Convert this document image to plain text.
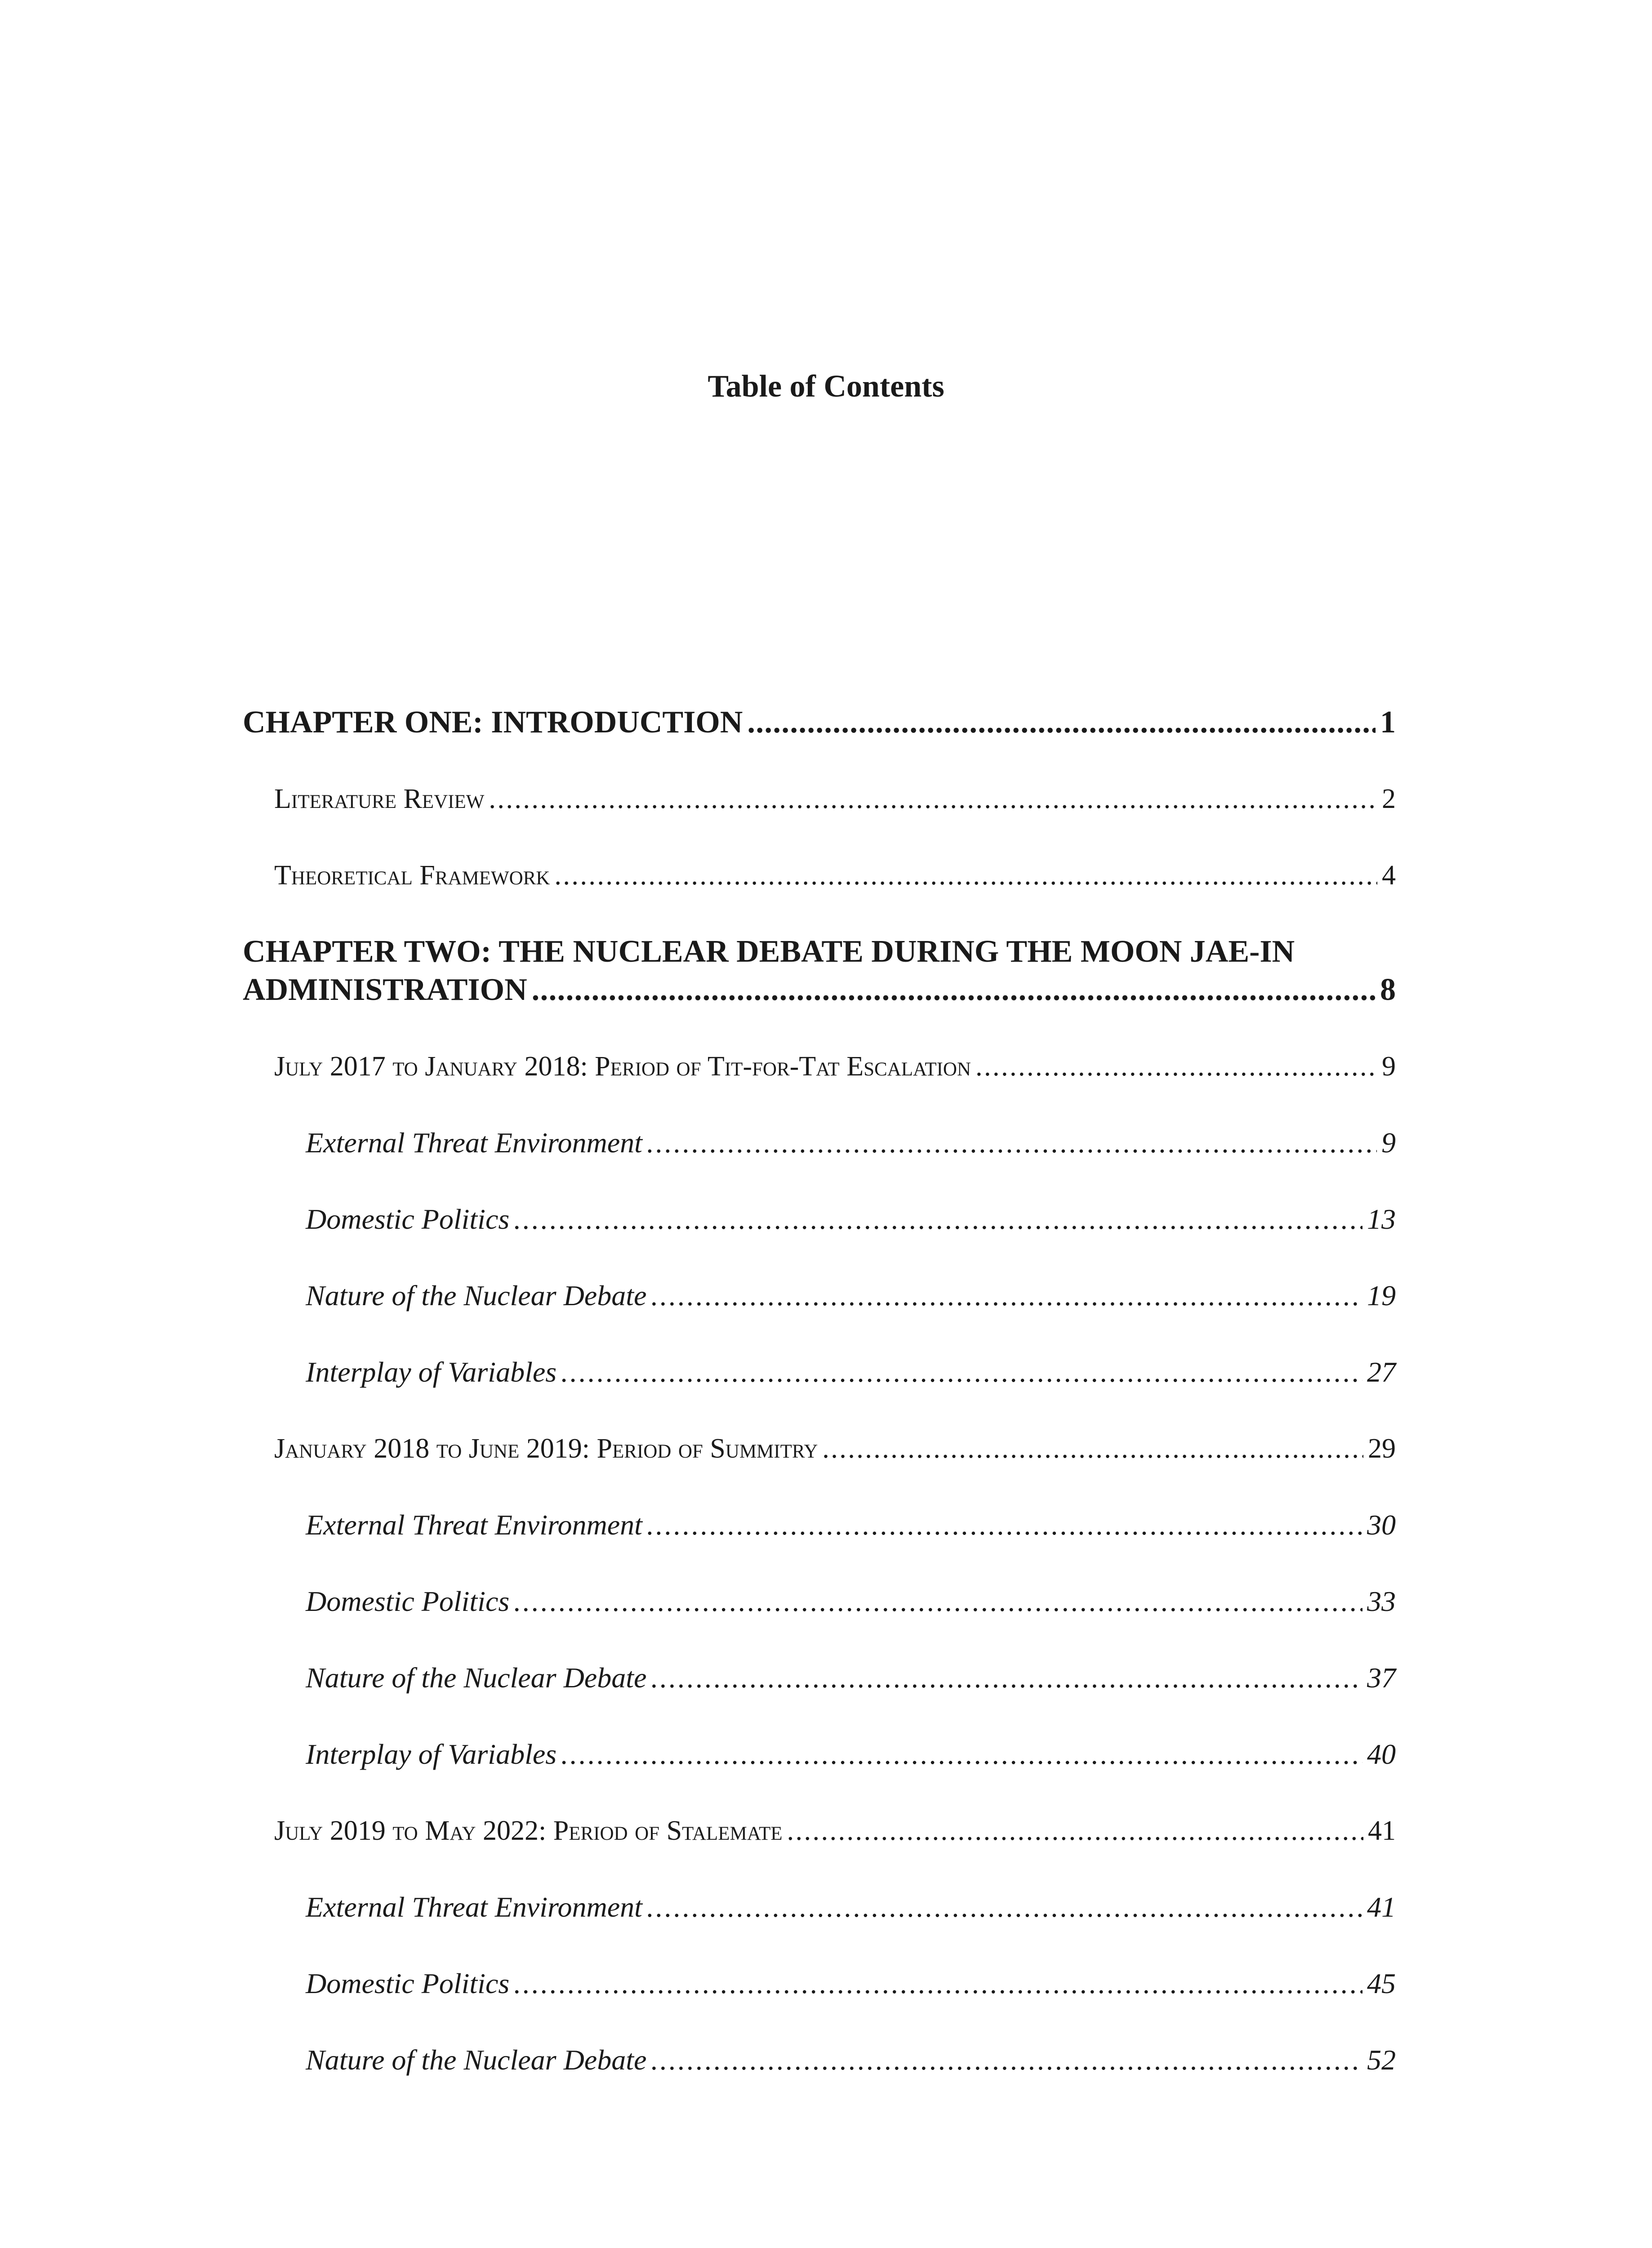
Table of Contents
CHAPTER ONE: INTRODUCTION . . .	1
Literature Review . . .	2
Theoretical Framework . . .	4
CHAPTER TWO: THE NUCLEAR DEBATE DURING THE MOON JAE-IN
ADMINISTRATION . . .	8
July 2017 to January 2018: Period of Tit-for-Tat Escalation . . .	9
External Threat Environment . . .	9
Domestic Politics . . .	13
Nature of the Nuclear Debate . . .	19
Interplay of Variables . . .	27
January 2018 to June 2019: Period of Summitry . . .	29
External Threat Environment . . .	30
Domestic Politics . . .	33
Nature of the Nuclear Debate . . .	37
Interplay of Variables . . .	40
July 2019 to May 2022: Period of Stalemate . . .	41
External Threat Environment . . .	41
Domestic Politics . . .	45
Nature of the Nuclear Debate . . .	52
